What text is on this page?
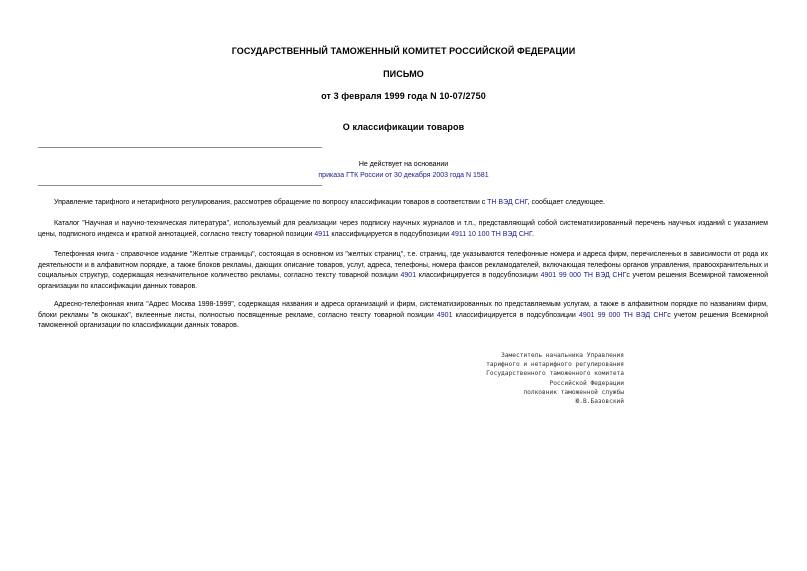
ГОСУДАРСТВЕННЫЙ ТАМОЖЕННЫЙ КОМИТЕТ РОССИЙСКОЙ ФЕДЕРАЦИИ
ПИСЬМО
от 3 февраля 1999 года N 10-07/2750
О классификации товаров
Не действует на основании
приказа ГТК России от 30 декабря 2003 года N 1581

Управление тарифного и нетарифного регулирования, рассмотрев обращение по вопросу классификации товаров в соответствии с ТН ВЭД СНГ, сообщает следующее.

Каталог "Научная и научно-техническая литература", используемый для реализации через подписку научных журналов и т.п., представляющий собой систематизированный перечень научных изданий с указанием цены, подписного индекса и краткой аннотацией, согласно тексту товарной позиции 4911 классифицируется в подсубпозиции 4911 10 100 ТН ВЭД СНГ.

Телефонная книга - справочное издание "Желтые страницы", состоящая в основном из "желтых страниц", т.е. страниц, где указываются телефонные номера и адреса фирм, перечисленных в зависимости от рода их деятельности и в алфавитном порядке, а также блоков рекламы, дающих описание товаров, услуг, адреса, телефоны, номера факсов рекламодателей, включающая телефоны органов управления, правоохранительных и социальных структур, содержащая незначительное количество рекламы, согласно тексту товарной позиции 4901 классифицируется в подсубпозиции 4901 99 000 ТН ВЭД СНГс учетом решения Всемирной таможенной организации по классификации данных товаров.

Адресно-телефонная книга "Адрес Москва 1998-1999", содержащая названия и адреса организаций и фирм, систематизированных по представляемым услугам, а также в алфавитном порядке по названиям фирм, блоки рекламы "в окошках", вклеенные листы, полностью посвященные рекламе, согласно тексту товарной позиции 4901 классифицируется в подсубпозиции 4901 99 000 ТН ВЭД СНГс учетом решения Всемирной таможенной организации по классификации данных товаров.

Заместитель начальника Управления
тарифного и нетарифного регулирования
Государственного таможенного комитета
Российской Федерации
полковник таможенной службы
Ю.В.Базовский
